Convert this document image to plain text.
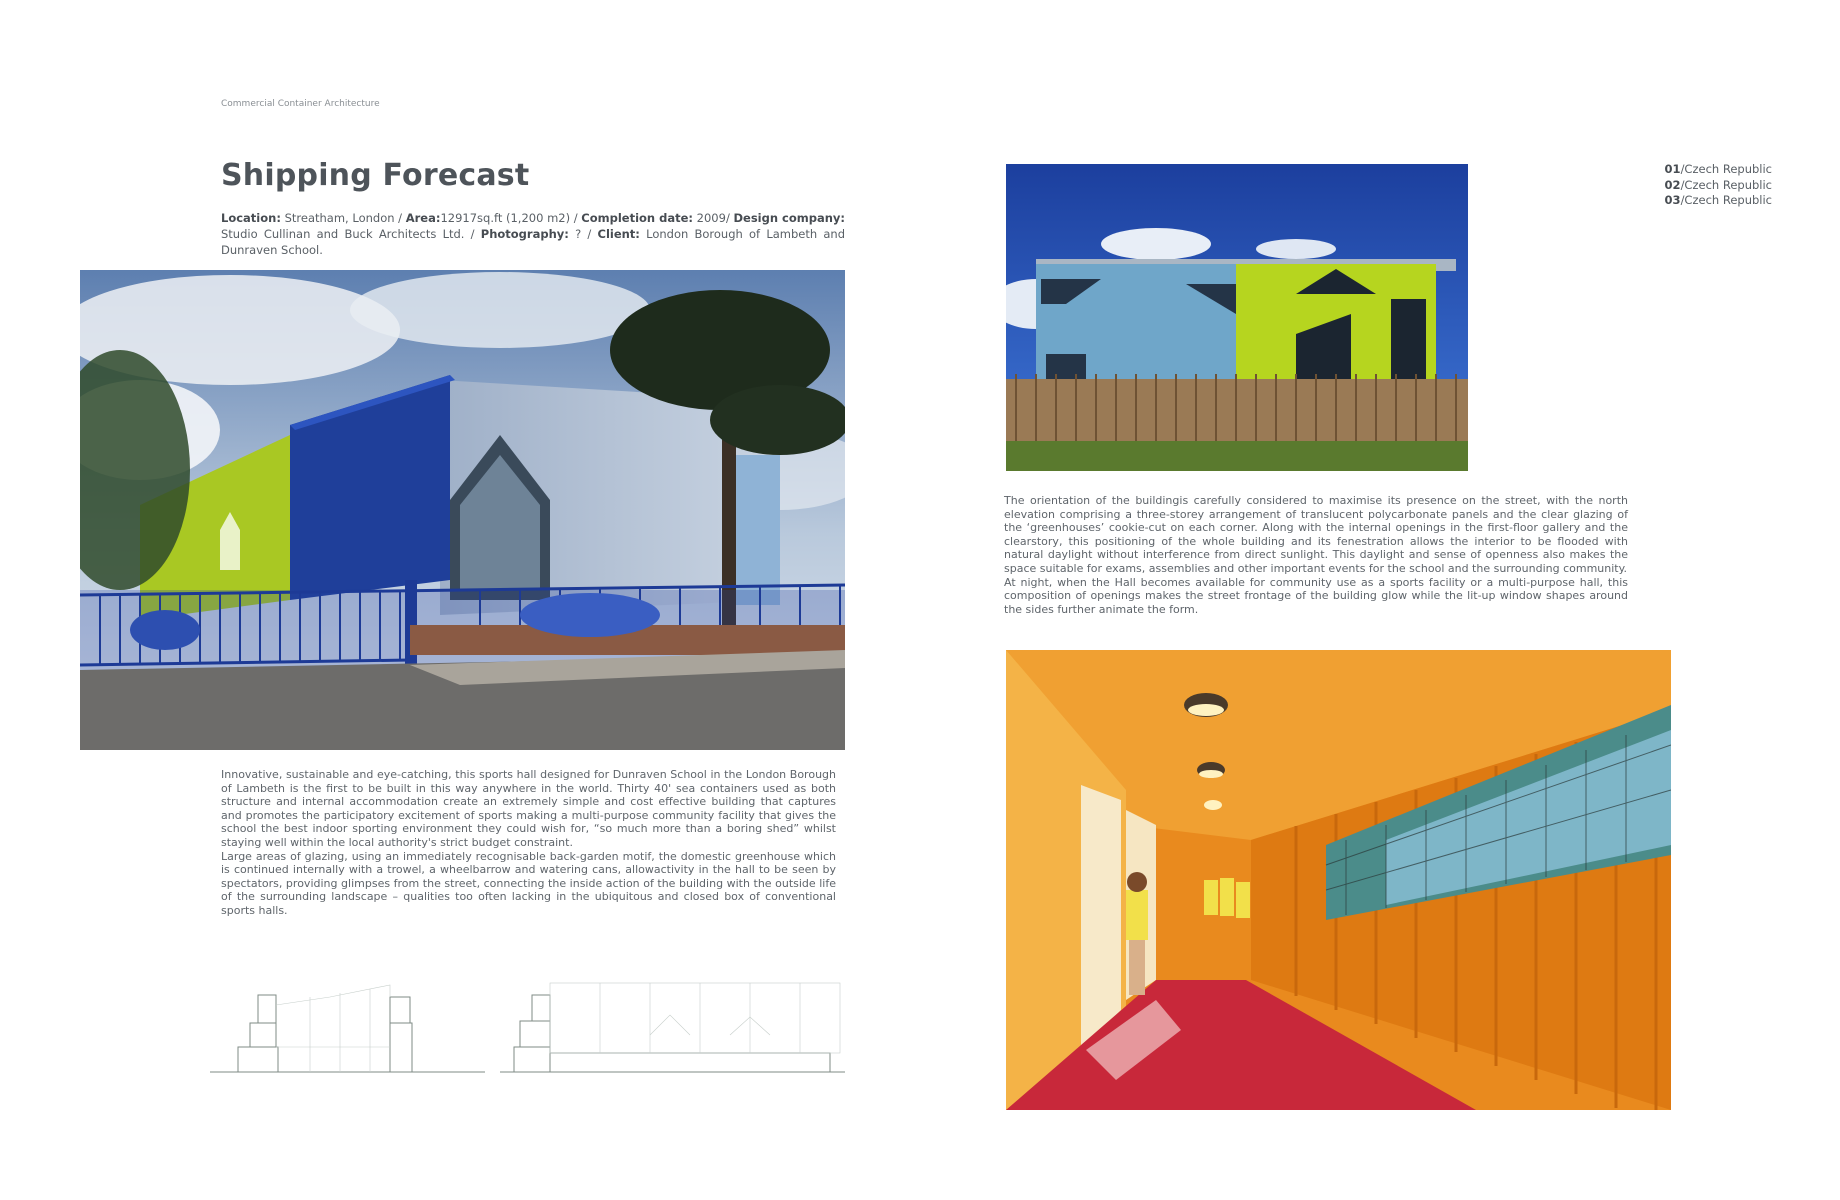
Commercial Container Architecture
Shipping Forecast
Location: Streatham, London / Area:12917sq.ft (1,200 m2) / Completion date: 2009/ Design company: Studio Cullinan and Buck Architects Ltd. / Photography: ? / Client: London Borough of Lambeth and Dunraven School.

Innovative, sustainable and eye-catching, this sports hall designed for Dunraven School in the London Borough of Lambeth is the first to be built in this way anywhere in the world. Thirty 40' sea containers used as both structure and internal accommodation create an extremely simple and cost effective building that captures and promotes the participatory excitement of sports making a multi-purpose community facility that gives the school the best indoor sporting environment they could wish for, “so much more than a boring shed” whilst staying well within the local authority's strict budget constraint.

Large areas of glazing, using an immediately recognisable back-garden motif, the domestic greenhouse which is continued internally with a trowel, a wheelbarrow and watering cans, allowactivity in the hall to be seen by spectators, providing glimpses from the street, connecting the inside action of the building with the outside life of the surrounding landscape – qualities too often lacking in the ubiquitous and closed box of conventional sports halls.

01/Czech Republic
02/Czech Republic
03/Czech Republic

The orientation of the buildingis carefully considered to maximise its presence on the street, with the north elevation comprising a three-storey arrangement of translucent polycarbonate panels and the clear glazing of the ‘greenhouses’ cookie-cut on each corner. Along with the internal openings in the first-floor gallery and the clearstory, this positioning of the whole building and its fenestration allows the interior to be flooded with natural daylight without interference from direct sunlight. This daylight and sense of openness also makes the space suitable for exams, assemblies and other important events for the school and the surrounding community.

At night, when the Hall becomes available for community use as a sports facility or a multi-purpose hall, this composition of openings makes the street frontage of the building glow while the lit-up window shapes around the sides further animate the form.
